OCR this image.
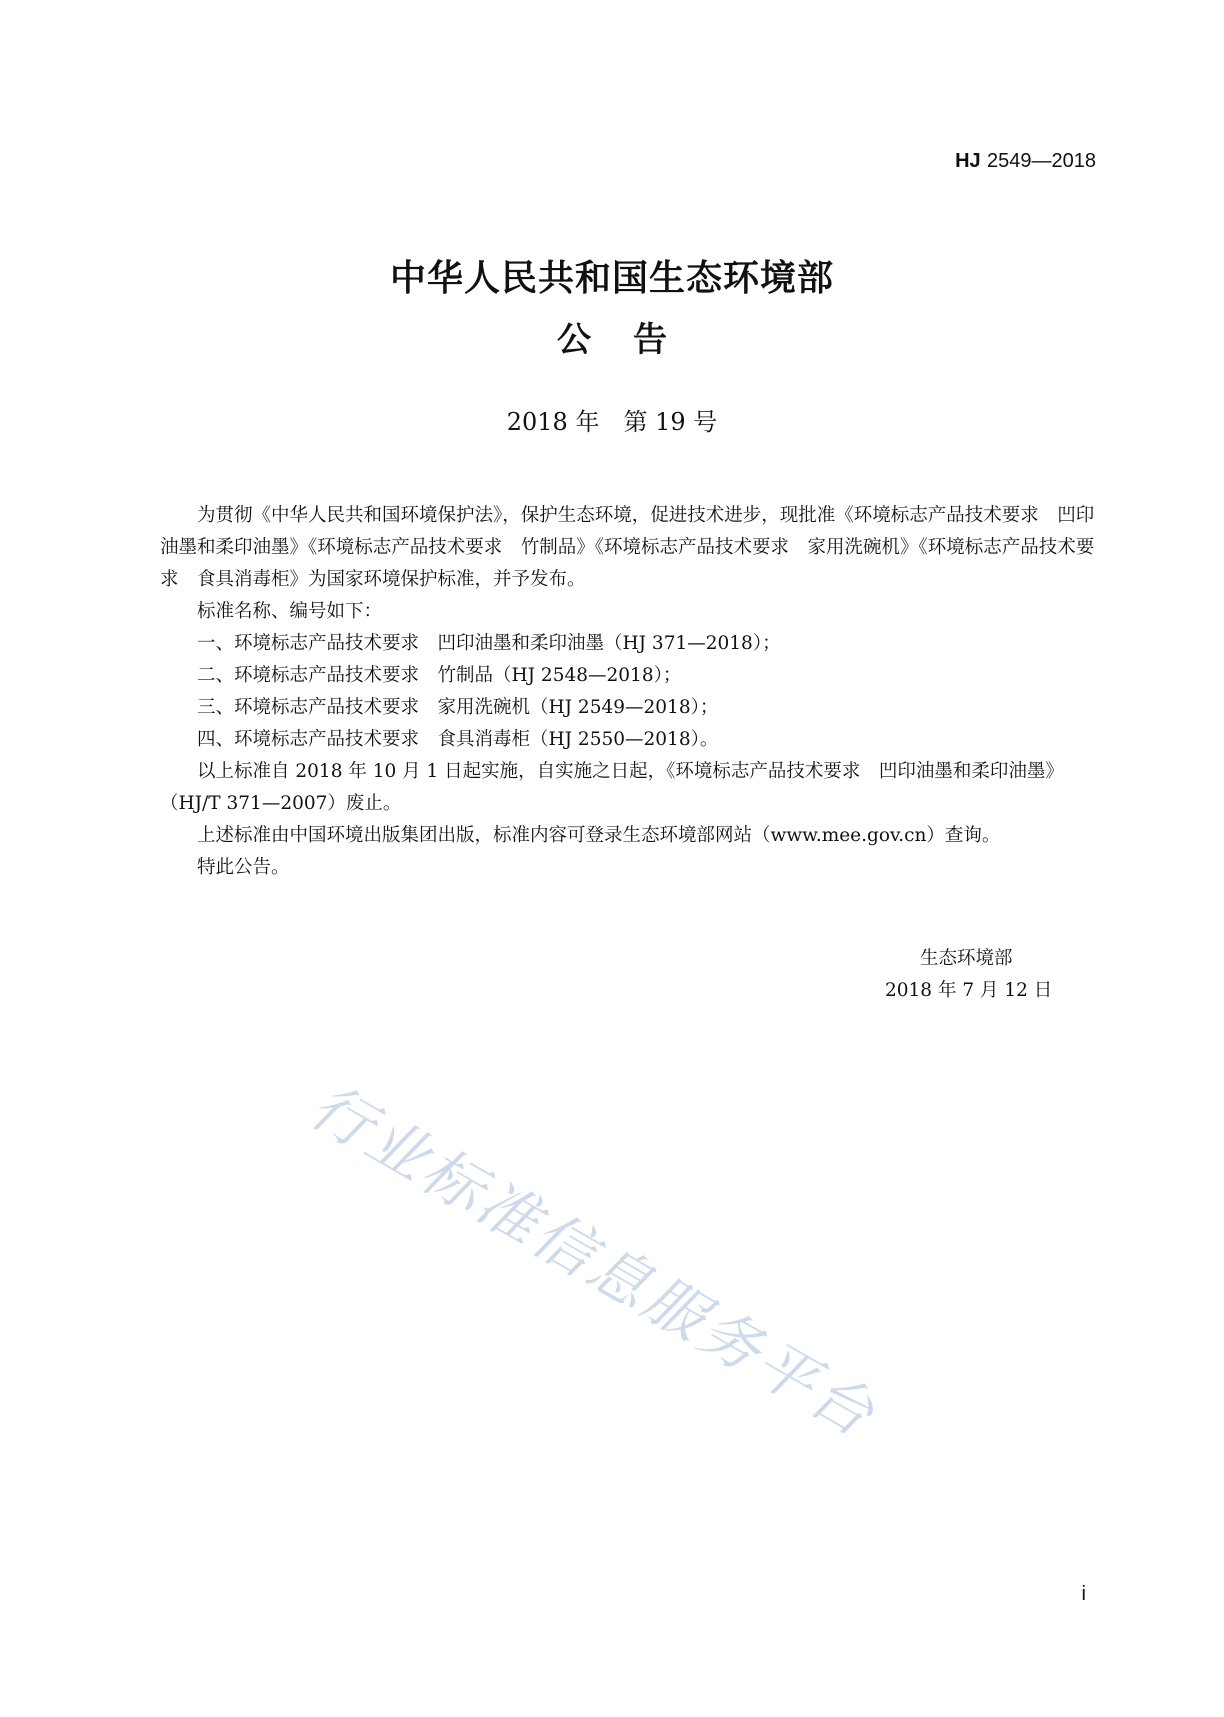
HJ 2549—2018
中华人民共和国生态环境部
公告
2018 年　第 19 号

为贯彻《中华人民共和国环境保护法》，保护生态环境，促进技术进步，现批准《环境标志产品技术要求　凹印油墨和柔印油墨》《环境标志产品技术要求　竹制品》《环境标志产品技术要求　家用洗碗机》《环境标志产品技术要求　食具消毒柜》为国家环境保护标准，并予发布。

标准名称、编号如下：

一、环境标志产品技术要求　凹印油墨和柔印油墨（HJ 371—2018）；

二、环境标志产品技术要求　竹制品（HJ 2548—2018）；

三、环境标志产品技术要求　家用洗碗机（HJ 2549—2018）；

四、环境标志产品技术要求　食具消毒柜（HJ 2550—2018）。

以上标准自 2018 年 10 月 1 日起实施，自实施之日起，《环境标志产品技术要求　凹印油墨和柔印油墨》（HJ/T 371—2007）废止。

上述标准由中国环境出版集团出版，标准内容可登录生态环境部网站（www.mee.gov.cn）查询。

特此公告。

生态环境部
2018 年 7 月 12 日
行业标准信息服务平台
i
